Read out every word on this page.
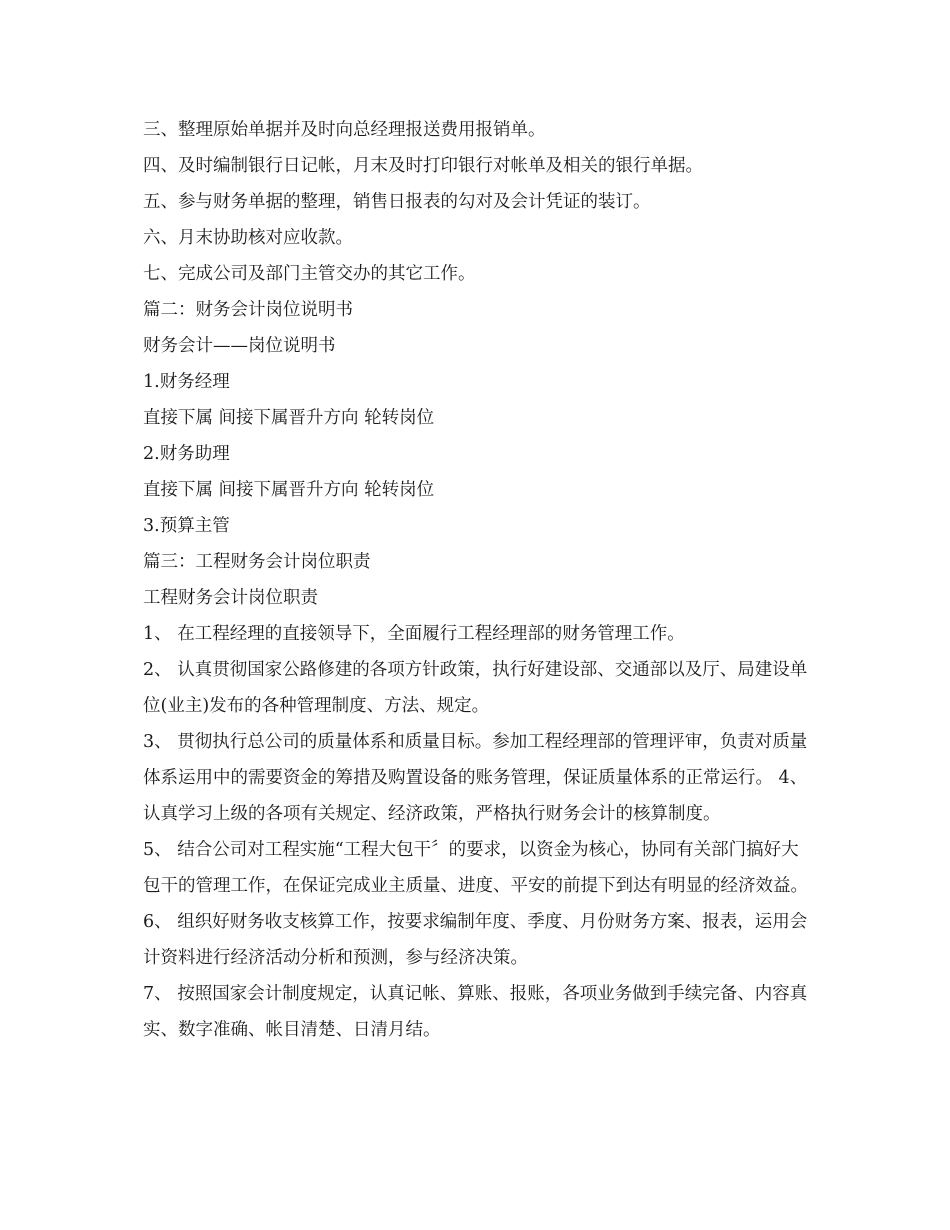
三、整理原始单据并及时向总经理报送费用报销单。

四、及时编制银行日记帐，月末及时打印银行对帐单及相关的银行单据。

五、参与财务单据的整理，销售日报表的勾对及会计凭证的装订。

六、月末协助核对应收款。

七、完成公司及部门主管交办的其它工作。

篇二：财务会计岗位说明书

财务会计——岗位说明书

1.财务经理

直接下属 间接下属晋升方向 轮转岗位

2.财务助理

直接下属 间接下属晋升方向 轮转岗位

3.预算主管

篇三：工程财务会计岗位职责

工程财务会计岗位职责

1、 在工程经理的直接领导下，全面履行工程经理部的财务管理工作。

2、 认真贯彻国家公路修建的各项方针政策，执行好建设部、交通部以及厅、局建设单位(业主)发布的各种管理制度、方法、规定。

3、 贯彻执行总公司的质量体系和质量目标。参加工程经理部的管理评审，负责对质量体系运用中的需要资金的筹措及购置设备的账务管理，保证质量体系的正常运行。 4、 认真学习上级的各项有关规定、经济政策，严格执行财务会计的核算制度。

5、 结合公司对工程实施“工程大包干〞的要求，以资金为核心，协同有关部门搞好大包干的管理工作，在保证完成业主质量、进度、平安的前提下到达有明显的经济效益。 6、 组织好财务收支核算工作，按要求编制年度、季度、月份财务方案、报表，运用会计资料进行经济活动分析和预测，参与经济决策。

7、 按照国家会计制度规定，认真记帐、算账、报账，各项业务做到手续完备、内容真实、数字准确、帐目清楚、日清月结。
